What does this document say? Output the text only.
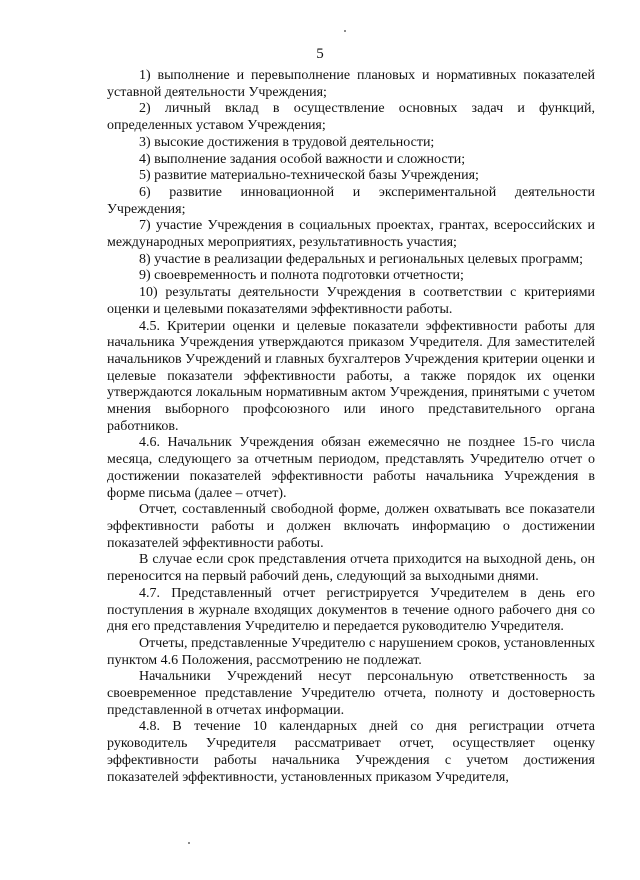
5

1) выполнение и перевыполнение плановых и нормативных показателей уставной деятельности Учреждения;

2) личный вклад в осуществление основных задач и функций, определенных уставом Учреждения;

3) высокие достижения в трудовой деятельности;

4) выполнение задания особой важности и сложности;

5) развитие материально-технической базы Учреждения;

6) развитие инновационной и экспериментальной деятельности Учреждения;

7) участие Учреждения в социальных проектах, грантах, всероссийских и международных мероприятиях, результативность участия;

8) участие в реализации федеральных и региональных целевых программ;

9) своевременность и полнота подготовки отчетности;

10) результаты деятельности Учреждения в соответствии с критериями оценки и целевыми показателями эффективности работы.

4.5. Критерии оценки и целевые показатели эффективности работы для начальника Учреждения утверждаются приказом Учредителя. Для заместителей начальников Учреждений и главных бухгалтеров Учреждения критерии оценки и целевые показатели эффективности работы, а также порядок их оценки утверждаются локальным нормативным актом Учреждения, принятыми с учетом мнения выборного профсоюзного или иного представительного органа работников.

4.6. Начальник Учреждения обязан ежемесячно не позднее 15-го числа месяца, следующего за отчетным периодом, представлять Учредителю отчет о достижении показателей эффективности работы начальника Учреждения в форме письма (далее – отчет).

Отчет, составленный свободной форме, должен охватывать все показатели эффективности работы и должен включать информацию о достижении показателей эффективности работы.

В случае если срок представления отчета приходится на выходной день, он переносится на первый рабочий день, следующий за выходными днями.

4.7. Представленный отчет регистрируется Учредителем в день его поступления в журнале входящих документов в течение одного рабочего дня со дня его представления Учредителю и передается руководителю Учредителя.

Отчеты, представленные Учредителю с нарушением сроков, установленных пунктом 4.6 Положения, рассмотрению не подлежат.

Начальники Учреждений несут персональную ответственность за своевременное представление Учредителю отчета, полноту и достоверность представленной в отчетах информации.

4.8. В течение 10 календарных дней со дня регистрации отчета руководитель Учредителя рассматривает отчет, осуществляет оценку эффективности работы начальника Учреждения с учетом достижения показателей эффективности, установленных приказом Учредителя,
